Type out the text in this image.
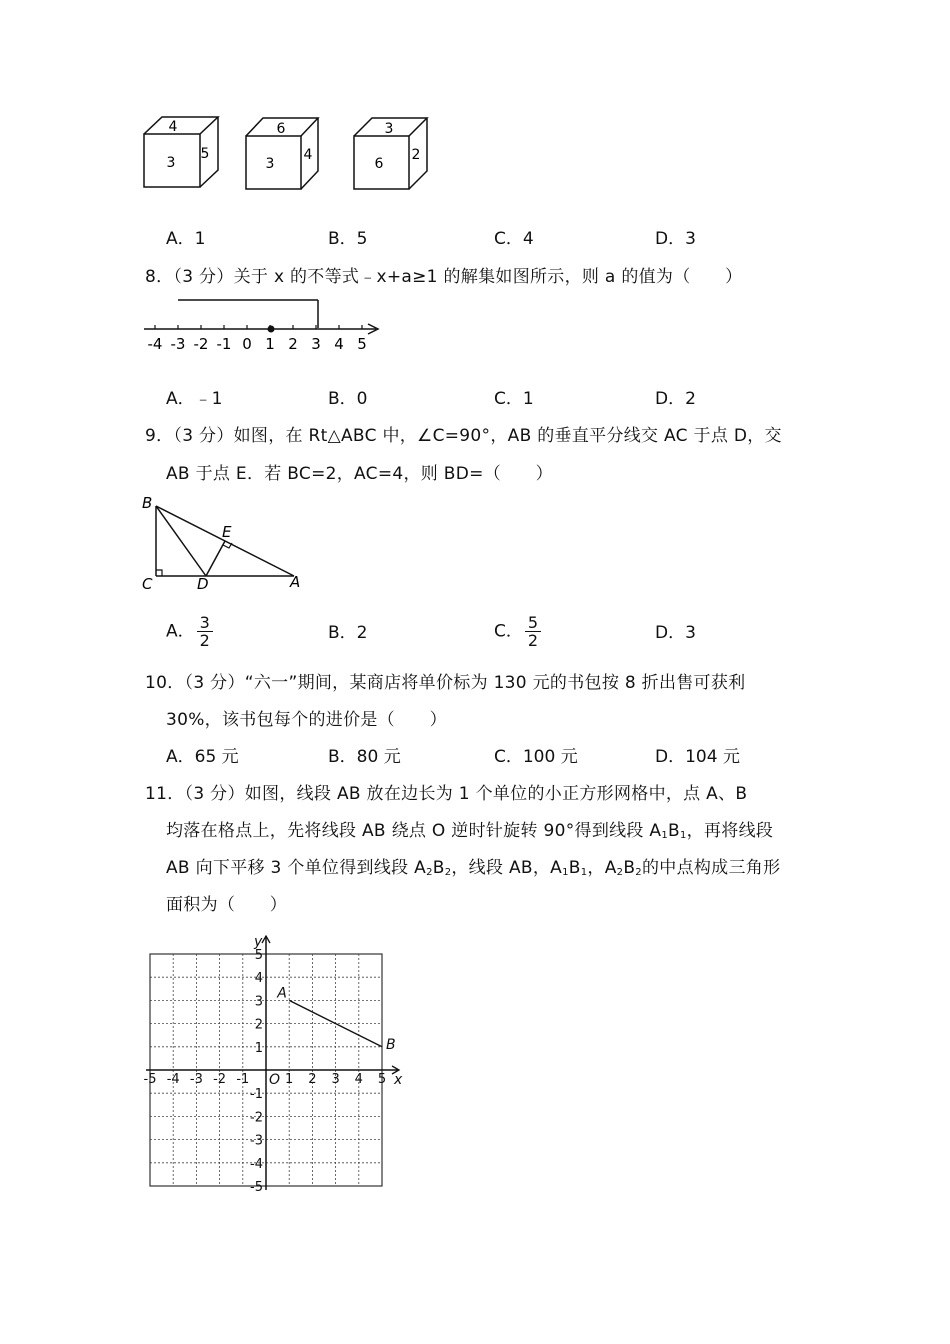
4
3
5
6
3
4
3
6
2
A．1	B．5	C．4	D．3
8．（3 分）关于 x 的不等式﹣x+a≥1 的解集如图所示，则 a 的值为（　　）
-4 -3 -2 -1 0 1 2 3 4 5
A．﹣1	B．0	C．1	D．2
9．（3 分）如图，在 Rt△ABC 中，∠C=90°，AB 的垂直平分线交 AC 于点 D，交
AB 于点 E．若 BC=2，AC=4，则 BD=（　　）
B
E
C	D	A
A． $\frac{3}{2}$	B．2	C． $\frac{5}{2}$	D．3
10．（3 分）“六一”期间，某商店将单价标为 130 元的书包按 8 折出售可获利
30%，该书包每个的进价是（　　）
A．65 元	B．80 元	C．100 元	D．104 元
11．（3 分）如图，线段 AB 放在边长为 1 个单位的小正方形网格中，点 A、B
均落在格点上，先将线段 AB 绕点 O 逆时针旋转 90°得到线段 $A_1B_1$，再将线段
AB 向下平移 3 个单位得到线段 $A_2B_2$，线段 AB，$A_1B_1$，$A_2B_2$的中点构成三角形
面积为（　　）
-5 -4 -3 -2 -1	1 2 3 4 5
5
4
3
2
1
-1
-2
-3
-4
-5
O
y
x
A
B
